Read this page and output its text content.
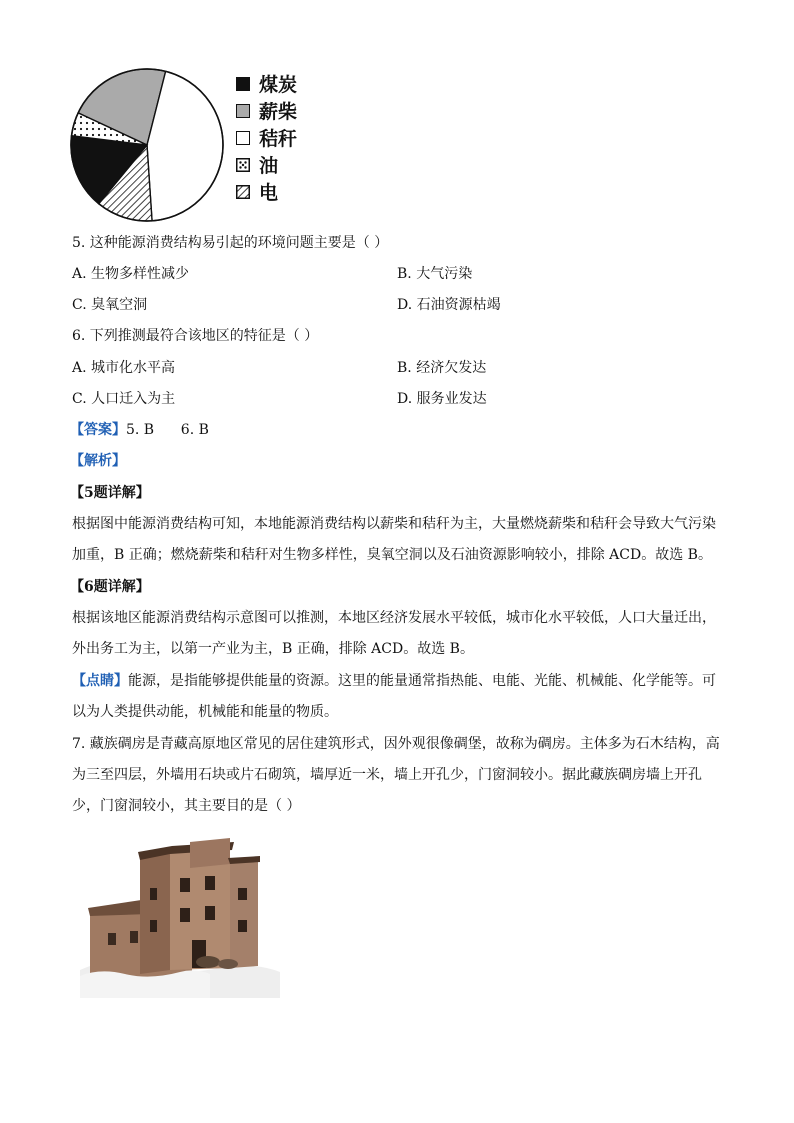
煤炭
薪柴
秸秆
油
电
5. 这种能源消费结构易引起的环境问题主要是（ ）
A. 生物多样性减少	B. 大气污染
C. 臭氧空洞	D. 石油资源枯竭
6. 下列推测最符合该地区的特征是（ ）
A. 城市化水平高	B. 经济欠发达
C. 人口迁入为主	D. 服务业发达
【答案】5. B      6. B
【解析】
【5题详解】
根据图中能源消费结构可知，本地能源消费结构以薪柴和秸秆为主，大量燃烧薪柴和秸秆会导致大气污染加重，B 正确；燃烧薪柴和秸秆对生物多样性，臭氧空洞以及石油资源影响较小，排除 ACD。故选 B。
【6题详解】
根据该地区能源消费结构示意图可以推测，本地区经济发展水平较低，城市化水平较低，人口大量迁出，外出务工为主，以第一产业为主，B 正确，排除 ACD。故选 B。
【点睛】能源，是指能够提供能量的资源。这里的能量通常指热能、电能、光能、机械能、化学能等。可以为人类提供动能，机械能和能量的物质。
7. 藏族碉房是青藏高原地区常见的居住建筑形式，因外观很像碉堡，故称为碉房。主体多为石木结构，高为三至四层，外墙用石块或片石砌筑，墙厚近一米，墙上开孔少，门窗洞较小。据此藏族碉房墙上开孔少，门窗洞较小，其主要目的是（ ）
